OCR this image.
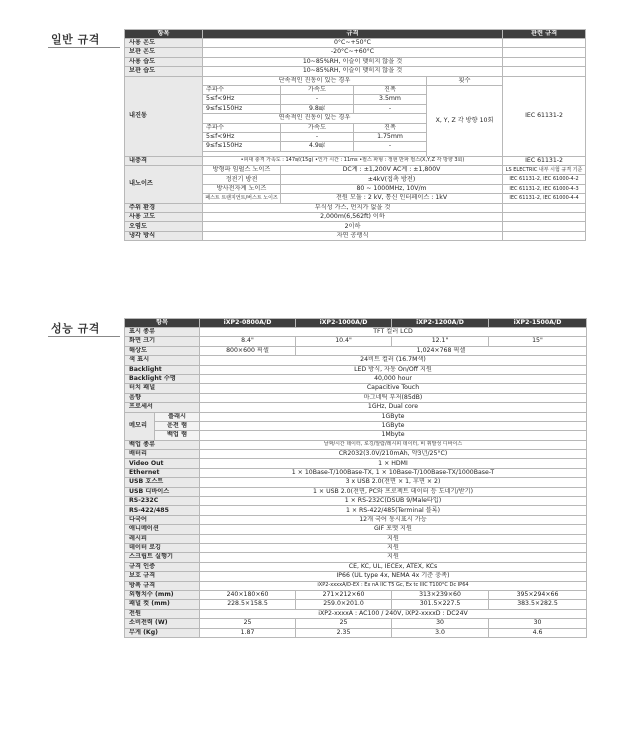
일반 규격	항목	규격				관련 규격
사용 온도	0°C~+50°C				
보관 온도	-20°C~+60°C				
사용 습도	10~85%RH, 이슬이 맺히지 않을 것				
보관 습도	10~85%RH, 이슬이 맺히지 않을 것				
내진동	단속적인 진동이 있는 경우			횟수	IEC 61131-2
	주파수	가속도	진폭	X, Y, Z 각 방향 10회	
	5≤f<9Hz	-	3.5mm		
	9≤f≤150Hz	9.8㎨	-		
	연속적인 진동이 있는 경우				
	주파수	가속도	진폭		
	5≤f<9Hz	-	1.75mm		
	9≤f≤150Hz	4.9㎨	-		

내충격	•피대 충격 가속도 : 147㎨(15g) •인가 시간 : 11ms •펄스 파형 : 정현 반파 펄스(X,Y,Z 각 방향 3회)				IEC 61131-2
내노이즈	방형파 임펄스 노이즈	DC계 : ±1,200V AC계 : ±1,800V			LS ELECTRIC 내부 시험 규격 기준
	정전기 방전	±4kV(접촉 방전)			IEC 61131-2, IEC 61000-4-2
	방사전자계 노이즈	80 ~ 1000MHz, 10V/m			IEC 61131-2, IEC 61000-4-3
	패스트 트랜지언트/버스트 노이즈	전원 모듈 : 2 kV, 통신 인터페이스 : 1kV			IEC 61131-2, IEC 61000-4-4
주위 환경	부식성 가스, 먼지가 없을 것				
사용 고도	2,000m(6,562ft) 이하				
오염도	2이하				
냉각 방식	자연 공랭식				
성능 규격	항목		iXP2-0800A/D	iXP2-1000A/D	iXP2-1200A/D	iXP2-1500A/D
표시 종류		TFT 컬러 LCD			
화면 크기		8.4"	10.4"	12.1"	15"
해상도		800×600 픽셀	1,024×768 픽셀		
색 표시		24비트 컬러 (16.7M색)			
Backlight		LED 방식, 자동 On/Off 지원			
Backlight 수명		40,000 hour			
터치 패널		Capacitive Touch			
음향		마그네틱 부저(85dB)			
프로세서		1GHz, Dual core			
메모리	플래시	1GByte			
	운전 램	1GByte			
	백업 램	1Mbyte			
백업 종류		날짜/시간 데이터, 로깅/알람/레시피 데이터, 비 휘발성 디바이스			
배터리		CR2032(3.0V/210mAh, 약3년/25°C)			
Video Out		1 × HDMI			
Ethernet		1 × 10Base-T/100Base-TX, 1 × 10Base-T/100Base-TX/1000Base-T			
USB 호스트		3 x USB 2.0(전면 × 1, 후면 × 2)			
USB 디바이스		1 × USB 2.0(전면, PC와 프로젝트 데이터 등 도네기/받기)			
RS-232C		1 × RS-232C(DSUB 9/Male타입)			
RS-422/485		1 × RS-422/485(Terminal 블록)			
다국어		12개 국어 동시표시 가능			
애니메이션		GIF 포맷 지원			
레시피		지원			
데이터 로깅		지원			
스크립트 실행기		지원			
규격 인증		CE, KC, UL, IECEx, ATEX, KCs			
보호 규격		IP66 (UL type 4x, NEMA 4x 기준 충족)			
방폭 규격		iXP2-xxxxA/D-EX : Ex nA IIC T5 Gc, Ex tc IIIC T100°C Dc IP64			
외형치수 (mm)		240×180×60	271×212×60	313×239×60	395×294×66
패널 컷 (mm)		228.5×158.5	259.0×201.0	301.5×227.5	383.5×282.5
전원		iXP2-xxxxA : AC100 / 240V, iXP2-xxxxD : DC24V			
소비전력 (W)		25	25	30	30
무게 (Kg)		1.87	2.35	3.0	4.6
